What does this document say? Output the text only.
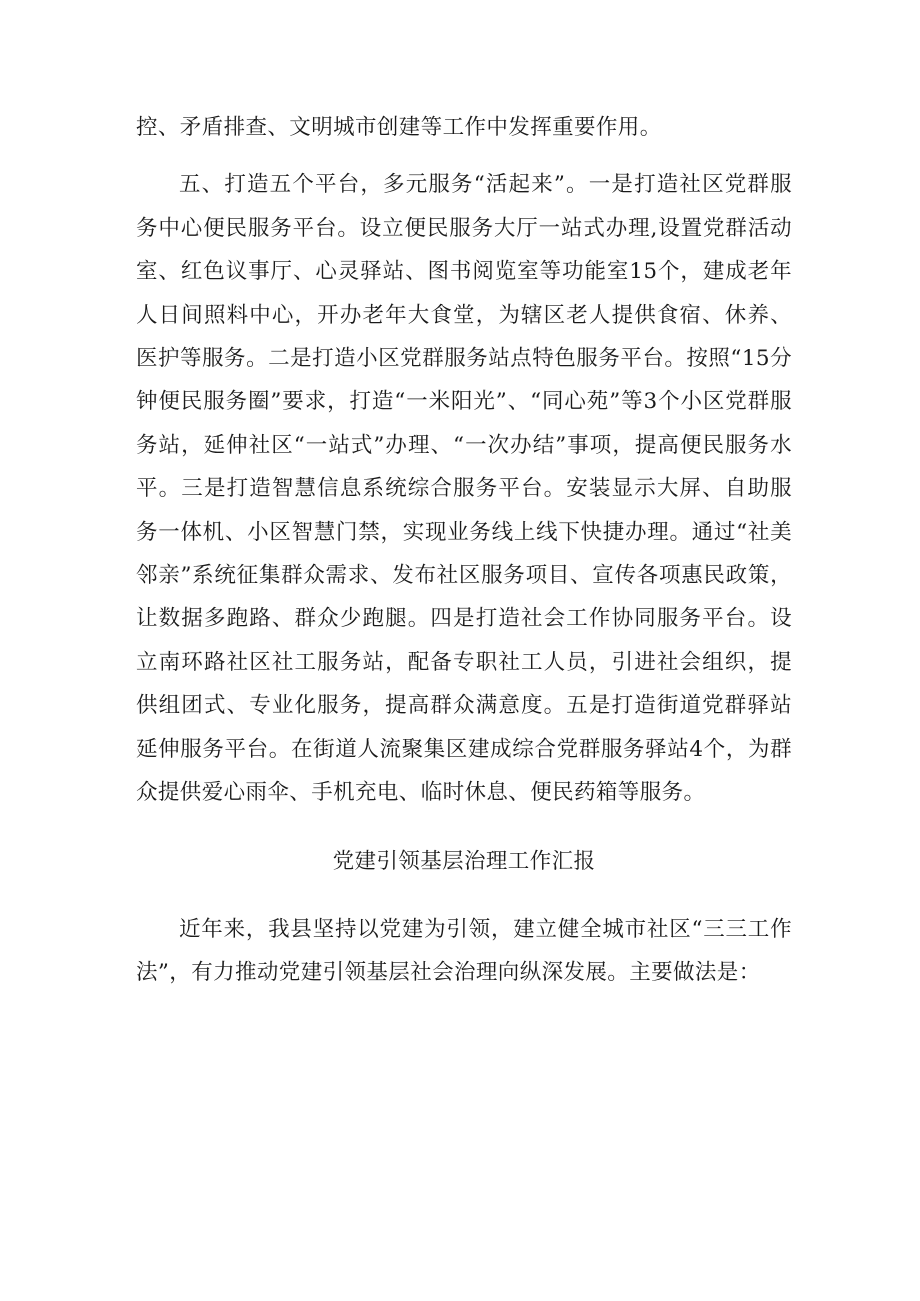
控、矛盾排查、文明城市创建等工作中发挥重要作用。

五、打造五个平台，多元服务“活起来”。一是打造社区党群服务中心便民服务平台。设立便民服务大厅一站式办理,设置党群活动室、红色议事厅、心灵驿站、图书阅览室等功能室15个，建成老年人日间照料中心，开办老年大食堂，为辖区老人提供食宿、休养、医护等服务。二是打造小区党群服务站点特色服务平台。按照“15分钟便民服务圈”要求，打造“一米阳光”、“同心苑”等3个小区党群服务站，延伸社区“一站式”办理、“一次办结”事项，提高便民服务水平。三是打造智慧信息系统综合服务平台。安装显示大屏、自助服务一体机、小区智慧门禁，实现业务线上线下快捷办理。通过“社美邻亲”系统征集群众需求、发布社区服务项目、宣传各项惠民政策，让数据多跑路、群众少跑腿。四是打造社会工作协同服务平台。设立南环路社区社工服务站，配备专职社工人员，引进社会组织，提供组团式、专业化服务，提高群众满意度。五是打造街道党群驿站延伸服务平台。在街道人流聚集区建成综合党群服务驿站4个，为群众提供爱心雨伞、手机充电、临时休息、便民药箱等服务。

党建引领基层治理工作汇报

近年来，我县坚持以党建为引领，建立健全城市社区“三三工作法”，有力推动党建引领基层社会治理向纵深发展。主要做法是：
